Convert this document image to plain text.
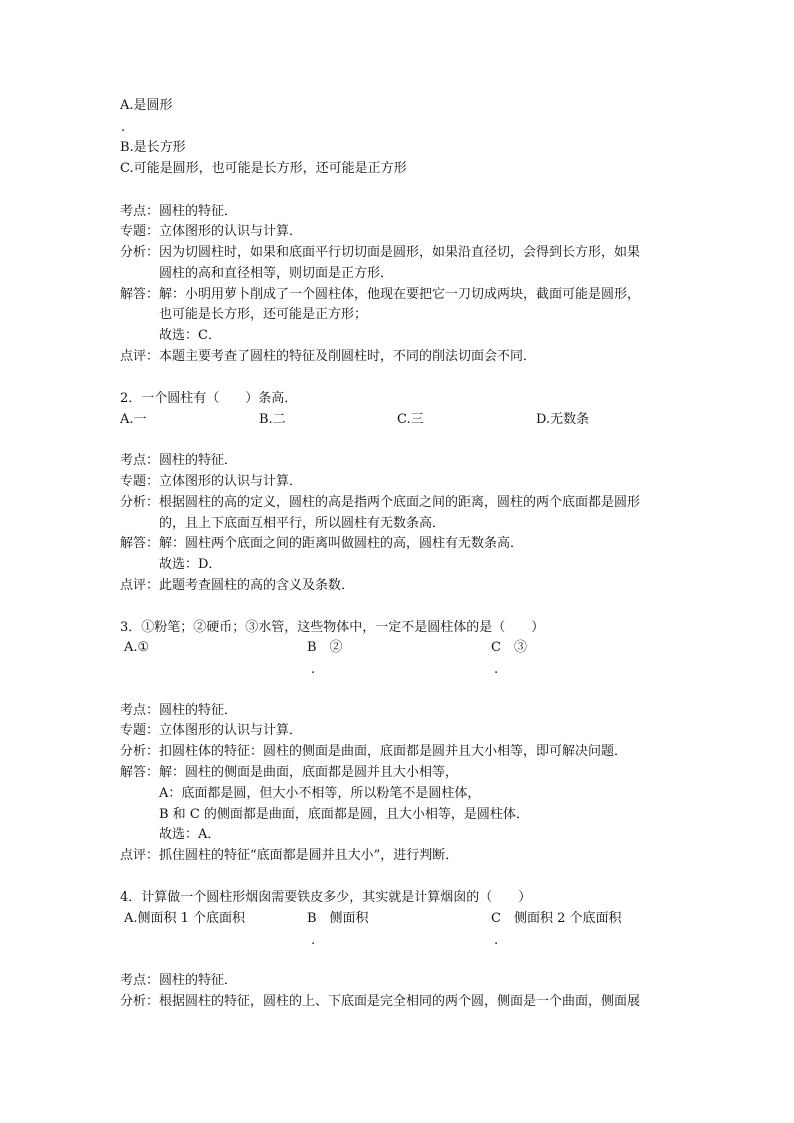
A.是圆形
.
B.是长方形
C.可能是圆形，也可能是长方形，还可能是正方形
考点：圆柱的特征．
专题：立体图形的认识与计算．
分析：因为切圆柱时，如果和底面平行切切面是圆形，如果沿直径切，会得到长方形，如果
圆柱的高和直径相等，则切面是正方形．
解答：解：小明用萝卜削成了一个圆柱体，他现在要把它一刀切成两块，截面可能是圆形，
也可能是长方形，还可能是正方形；
故选：C．
点评：本题主要考查了圆柱的特征及削圆柱时，不同的削法切面会不同．
2．一个圆柱有（　　）条高．
A.一	B.二	C.三	D.无数条
考点：圆柱的特征．
专题：立体图形的认识与计算．
分析：根据圆柱的高的定义，圆柱的高是指两个底面之间的距离，圆柱的两个底面都是圆形
的，且上下底面互相平行，所以圆柱有无数条高．
解答：解：圆柱两个底面之间的距离叫做圆柱的高，圆柱有无数条高．
故选：D．
点评：此题考查圆柱的高的含义及条数．
3．①粉笔；②硬币；③水管，这些物体中，一定不是圆柱体的是（　　）
A.①	B　②
.
C　③
.
考点：圆柱的特征．
专题：立体图形的认识与计算．
分析：扣圆柱体的特征：圆柱的侧面是曲面，底面都是圆并且大小相等，即可解决问题．
解答：解：圆柱的侧面是曲面，底面都是圆并且大小相等，
A：底面都是圆，但大小不相等，所以粉笔不是圆柱体，
B 和 C 的侧面都是曲面，底面都是圆，且大小相等，是圆柱体．
故选：A．
点评：抓住圆柱的特征“底面都是圆并且大小”，进行判断．
4．计算做一个圆柱形烟囱需要铁皮多少，其实就是计算烟囱的（　　）
A.侧面积 1 个底面积	B　侧面积
.
C　侧面积 2 个底面积
.
考点：圆柱的特征．
分析：根据圆柱的特征，圆柱的上、下底面是完全相同的两个圆，侧面是一个曲面，侧面展
